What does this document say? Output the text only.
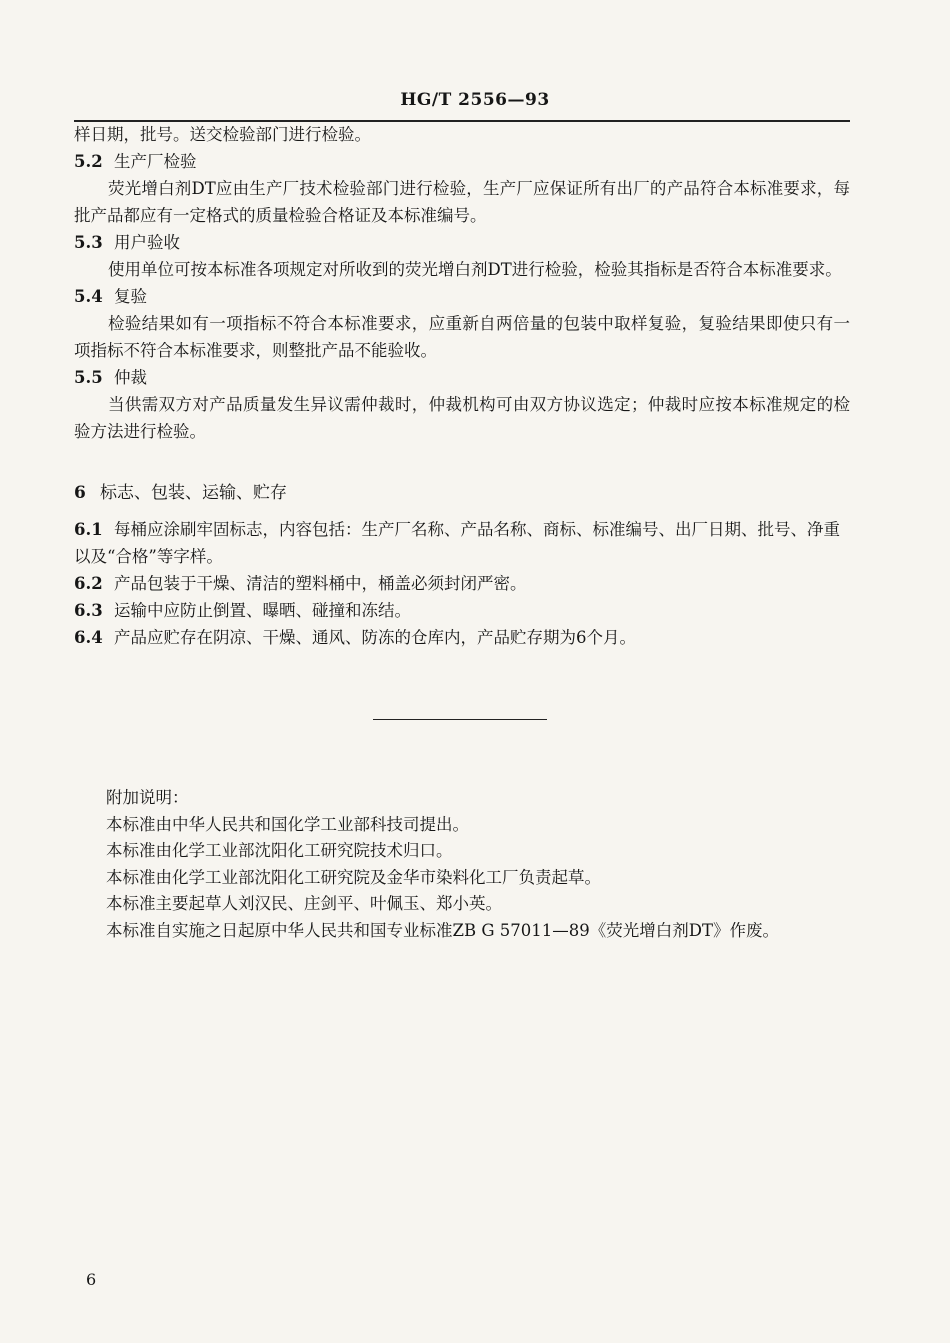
HG/T 2556—93
样日期，批号。送交检验部门进行检验。
5.2 生产厂检验
荧光增白剂DT应由生产厂技术检验部门进行检验，生产厂应保证所有出厂的产品符合本标准要求，每批产品都应有一定格式的质量检验合格证及本标准编号。
5.3 用户验收
使用单位可按本标准各项规定对所收到的荧光增白剂DT进行检验，检验其指标是否符合本标准要求。
5.4 复验
检验结果如有一项指标不符合本标准要求，应重新自两倍量的包装中取样复验，复验结果即使只有一项指标不符合本标准要求，则整批产品不能验收。
5.5 仲裁
当供需双方对产品质量发生异议需仲裁时，仲裁机构可由双方协议选定；仲裁时应按本标准规定的检验方法进行检验。
6 标志、包装、运输、贮存
6.1 每桶应涂刷牢固标志，内容包括：生产厂名称、产品名称、商标、标准编号、出厂日期、批号、净重以及“合格”等字样。
6.2 产品包装于干燥、清洁的塑料桶中，桶盖必须封闭严密。
6.3 运输中应防止倒置、曝晒、碰撞和冻结。
6.4 产品应贮存在阴凉、干燥、通风、防冻的仓库内，产品贮存期为6个月。
附加说明：
本标准由中华人民共和国化学工业部科技司提出。
本标准由化学工业部沈阳化工研究院技术归口。
本标准由化学工业部沈阳化工研究院及金华市染料化工厂负责起草。
本标准主要起草人刘汉民、庄剑平、叶佩玉、郑小英。
本标准自实施之日起原中华人民共和国专业标准ZB G 57011—89《荧光增白剂DT》作废。
6
